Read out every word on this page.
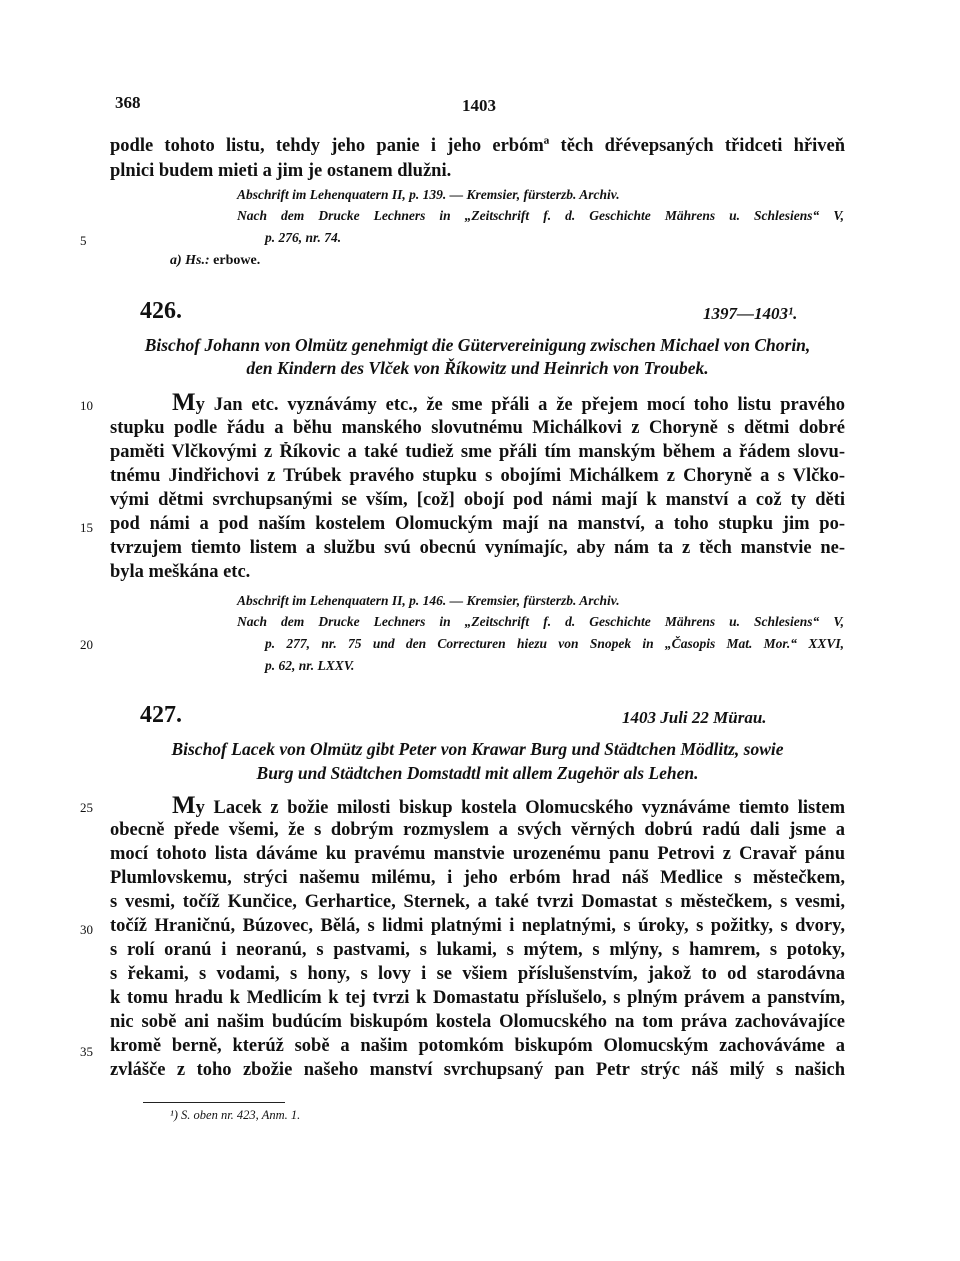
368	1403
podle tohoto listu, tehdy jeho panie i jeho erbómª těch dřévepsaných třidceti hřiveň
plnici budem mieti a jim je ostanem dlužni.
Abschrift im Lehenquatern II, p. 139. — Kremsier, fürsterzb. Archiv.
Nach dem Drucke Lechners in „Zeitschrift f. d. Geschichte Mährens u. Schlesiens“ V,
p. 276, nr. 74.
a) Hs.: erbowe.
5
10
15
20
25
30
35
426.	1397—1403¹.
Bischof Johann von Olmütz genehmigt die Gütervereinigung zwischen Michael von Chorin,
den Kindern des Vlček von Říkowitz und Heinrich von Troubek.
My Jan etc. vyznávámy etc., že sme přáli a že přejem mocí toho listu pravého
stupku podle řádu a běhu manského slovutnému Michálkovi z Choryně s dětmi dobré
paměti Vlčkovými z Říkovic a také tudiež sme přáli tím manským během a řádem slovu-
tnému Jindřichovi z Trúbek pravého stupku s obojími Michálkem z Choryně a s Vlčko-
vými dětmi svrchupsanými se vším, [což] obojí pod námi mají k manství a což ty děti
pod námi a pod naším kostelem Olomuckým mají na manství, a toho stupku jim po-
tvrzujem tiemto listem a službu svú obecnú vynímajíc, aby nám ta z těch manstvie ne-
byla meškána etc.
Abschrift im Lehenquatern II, p. 146. — Kremsier, fürsterzb. Archiv.
Nach dem Drucke Lechners in „Zeitschrift f. d. Geschichte Mährens u. Schlesiens“ V,
p. 277, nr. 75 und den Correcturen hiezu von Snopek in „Časopis Mat. Mor.“ XXVI,
p. 62, nr. LXXV.
427.	1403 Juli 22 Mürau.
Bischof Lacek von Olmütz gibt Peter von Krawar Burg und Städtchen Mödlitz, sowie
Burg und Städtchen Domstadtl mit allem Zugehör als Lehen.
My Lacek z božie milosti biskup kostela Olomucského vyznáváme tiemto listem
obecně přede všemi, že s dobrým rozmyslem a svých věrných dobrú radú dali jsme a
mocí tohoto lista dáváme ku pravému manstvie urozenému panu Petrovi z Cravař pánu
Plumlovskemu, strýci našemu milému, i jeho erbóm hrad náš Medlice s městečkem,
s vesmi, točíž Kunčice, Gerhartice, Sternek, a také tvrzi Domastat s městečkem, s vesmi,
točíž Hraničnú, Búzovec, Bělá, s lidmi platnými i neplatnými, s úroky, s požitky, s dvory,
s rolí oranú i neoranú, s pastvami, s lukami, s mýtem, s mlýny, s hamrem, s potoky,
s řekami, s vodami, s hony, s lovy i se všiem příslušenstvím, jakož to od starodávna
k tomu hradu k Medlicím k tej tvrzi k Domastatu příslušelo, s plným právem a panstvím,
nic sobě ani našim budúcím biskupóm kostela Olomucského na tom práva zachovávajíce
kromě berně, kterúž sobě a našim potomkóm biskupóm Olomucským zachováváme a
zvlášče z toho zbožie našeho manství svrchupsaný pan Petr strýc náš milý s našich
¹) S. oben nr. 423, Anm. 1.
